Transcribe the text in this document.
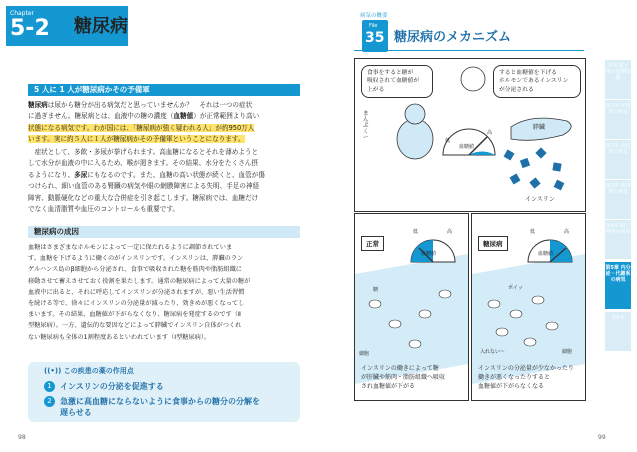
Chapter
5-2 糖尿病
5 人に 1 人が糖尿病かその予備軍
糖尿病は尿から糖分が出る病気だと思っていませんか？　それは一つの症状
に過ぎません。糖尿病とは、血液中の糖の濃度（血糖値）が正常範囲より高い
状態になる病気です。わが国には、「糖尿病が強く疑われる人」が約950万人
います。実に約５人に１人が糖尿病かその予備軍ということになります。
　症状として、多飲・多尿が挙げられます。高血糖になるとそれを薄めようと
して水分が血液の中に入るため、喉が渇きます。その結果、水分をたくさん摂
るようになり、多尿にもなるのです。また、血糖の高い状態が続くと、血管が傷
つけられ、細い血管のある腎臓の病気や眼の網膜障害による失明、手足の神経
障害、動脈硬化などの重大な合併症を引き起こします。糖尿病では、血糖だけ
でなく血清脂質や血圧のコントロールも重要です。
糖尿病の成因
血糖はさまざまなホルモンによって一定に保たれるように調節されていま
す。血糖を下げるように働くのがインスリンです。インスリンは、膵臓のラン
ゲルハンス島のβ細胞から分泌され、食事で吸収された糖を筋肉や脂肪組織に
移動させて蓄えさせておく役割を果たします。通常の糖尿病によって大量の糖が
血液中に出ると、それに呼応してインスリンが分泌されますが、悪い生活習慣
を続ける等で、徐々にインスリンの分泌量が減ったり、効きめが悪くなってし
まいます。その結果、血糖値が下がらなくなり、糖尿病を発症するのです（Ⅱ
型糖尿病）。一方、遺伝的な要因などによって膵臓でインスリン自体がつくれ
ない糖尿病も全体の1割程度あるといわれています（Ⅰ型糖尿病）。
((•)) この疾患の薬の作用点
1	インスリンの分泌を促進する
2	急激に高血糖にならないように食事からの糖分の分解を
遅らせる
98
病気の概要
File
35 糖尿病のメカニズム
食事をすると糖が
吸収されて血糖値が
上がる
すると血糖値を下げる
ホルモンであるインスリン
が分泌される
まんぷくー	低
高
血糖値
膵臓
インスリン
正常
低	高
血糖値
糖
細胞
インスリンの働きによって糖
が肝臓や筋肉・脂肪組織へ吸収
され血糖値が下がる
糖尿病
低	高
血糖値
ポイッ
入れない〜	細胞
インスリンの分泌量が少なかったり
働きが悪くなったりすると
血糖値が下がらなくなる
序章 薬と体の基礎知識
第1章 呼吸器の病気
第2章 消化器の病気
第3章 循環器の病気
第4章 脳・神経の病気
第5章 内分泌・代謝系の病気
第6章
99
